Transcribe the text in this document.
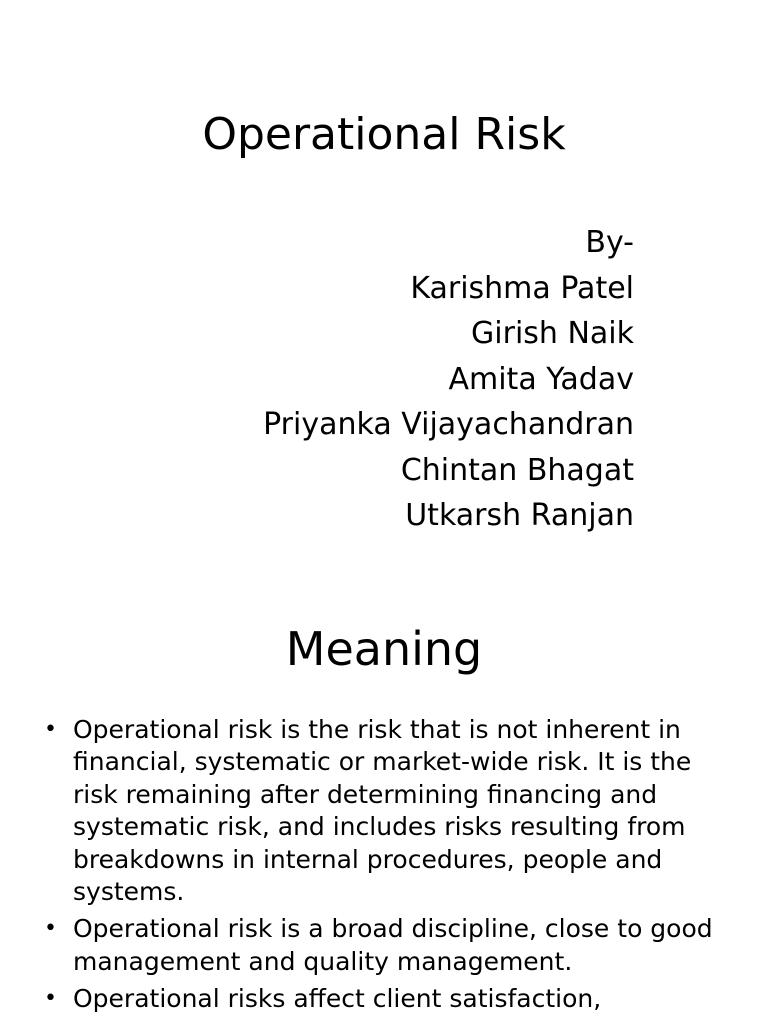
Operational Risk
By-
Karishma Patel
Girish Naik
Amita Yadav
Priyanka Vijayachandran
Chintan Bhagat
Utkarsh Ranjan
Meaning
• Operational risk is the risk that is not inherent in financial, systematic or market-wide risk. It is the risk remaining after determining financing and systematic risk, and includes risks resulting from breakdowns in internal procedures, people and systems.
• Operational risk is a broad discipline, close to good management and quality management.
• Operational risks affect client satisfaction,
